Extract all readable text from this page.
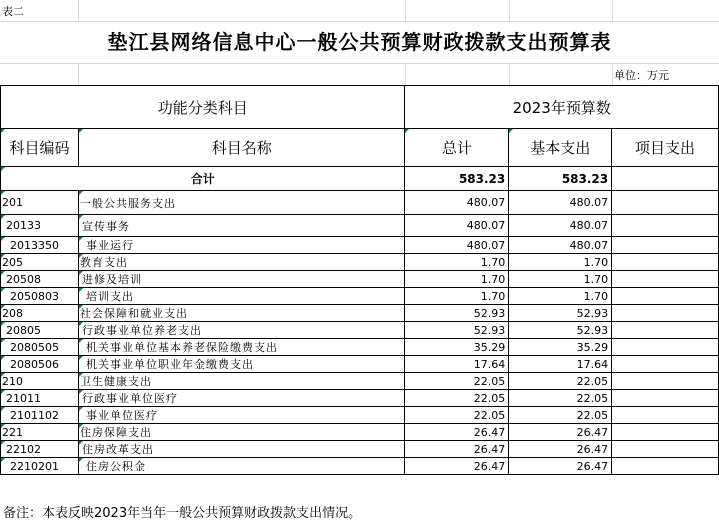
表二
垫江县网络信息中心一般公共预算财政拨款支出预算表
单位：万元
功能分类科目		2023年预算数		
科目编码	科目名称	总计	基本支出	项目支出
合计		583.23	583.23	
201	一般公共服务支出	480.07	480.07	
20133	宣传事务	480.07	480.07	
2013350	事业运行	480.07	480.07	
205	教育支出	1.70	1.70	
20508	进修及培训	1.70	1.70	
2050803	培训支出	1.70	1.70	
208	社会保障和就业支出	52.93	52.93	
20805	行政事业单位养老支出	52.93	52.93	
2080505	机关事业单位基本养老保险缴费支出	35.29	35.29	
2080506	机关事业单位职业年金缴费支出	17.64	17.64	
210	卫生健康支出	22.05	22.05	
21011	行政事业单位医疗	22.05	22.05	
2101102	事业单位医疗	22.05	22.05	
221	住房保障支出	26.47	26.47	
22102	住房改革支出	26.47	26.47	
2210201	住房公积金	26.47	26.47	
备注：本表反映2023年当年一般公共预算财政拨款支出情况。
